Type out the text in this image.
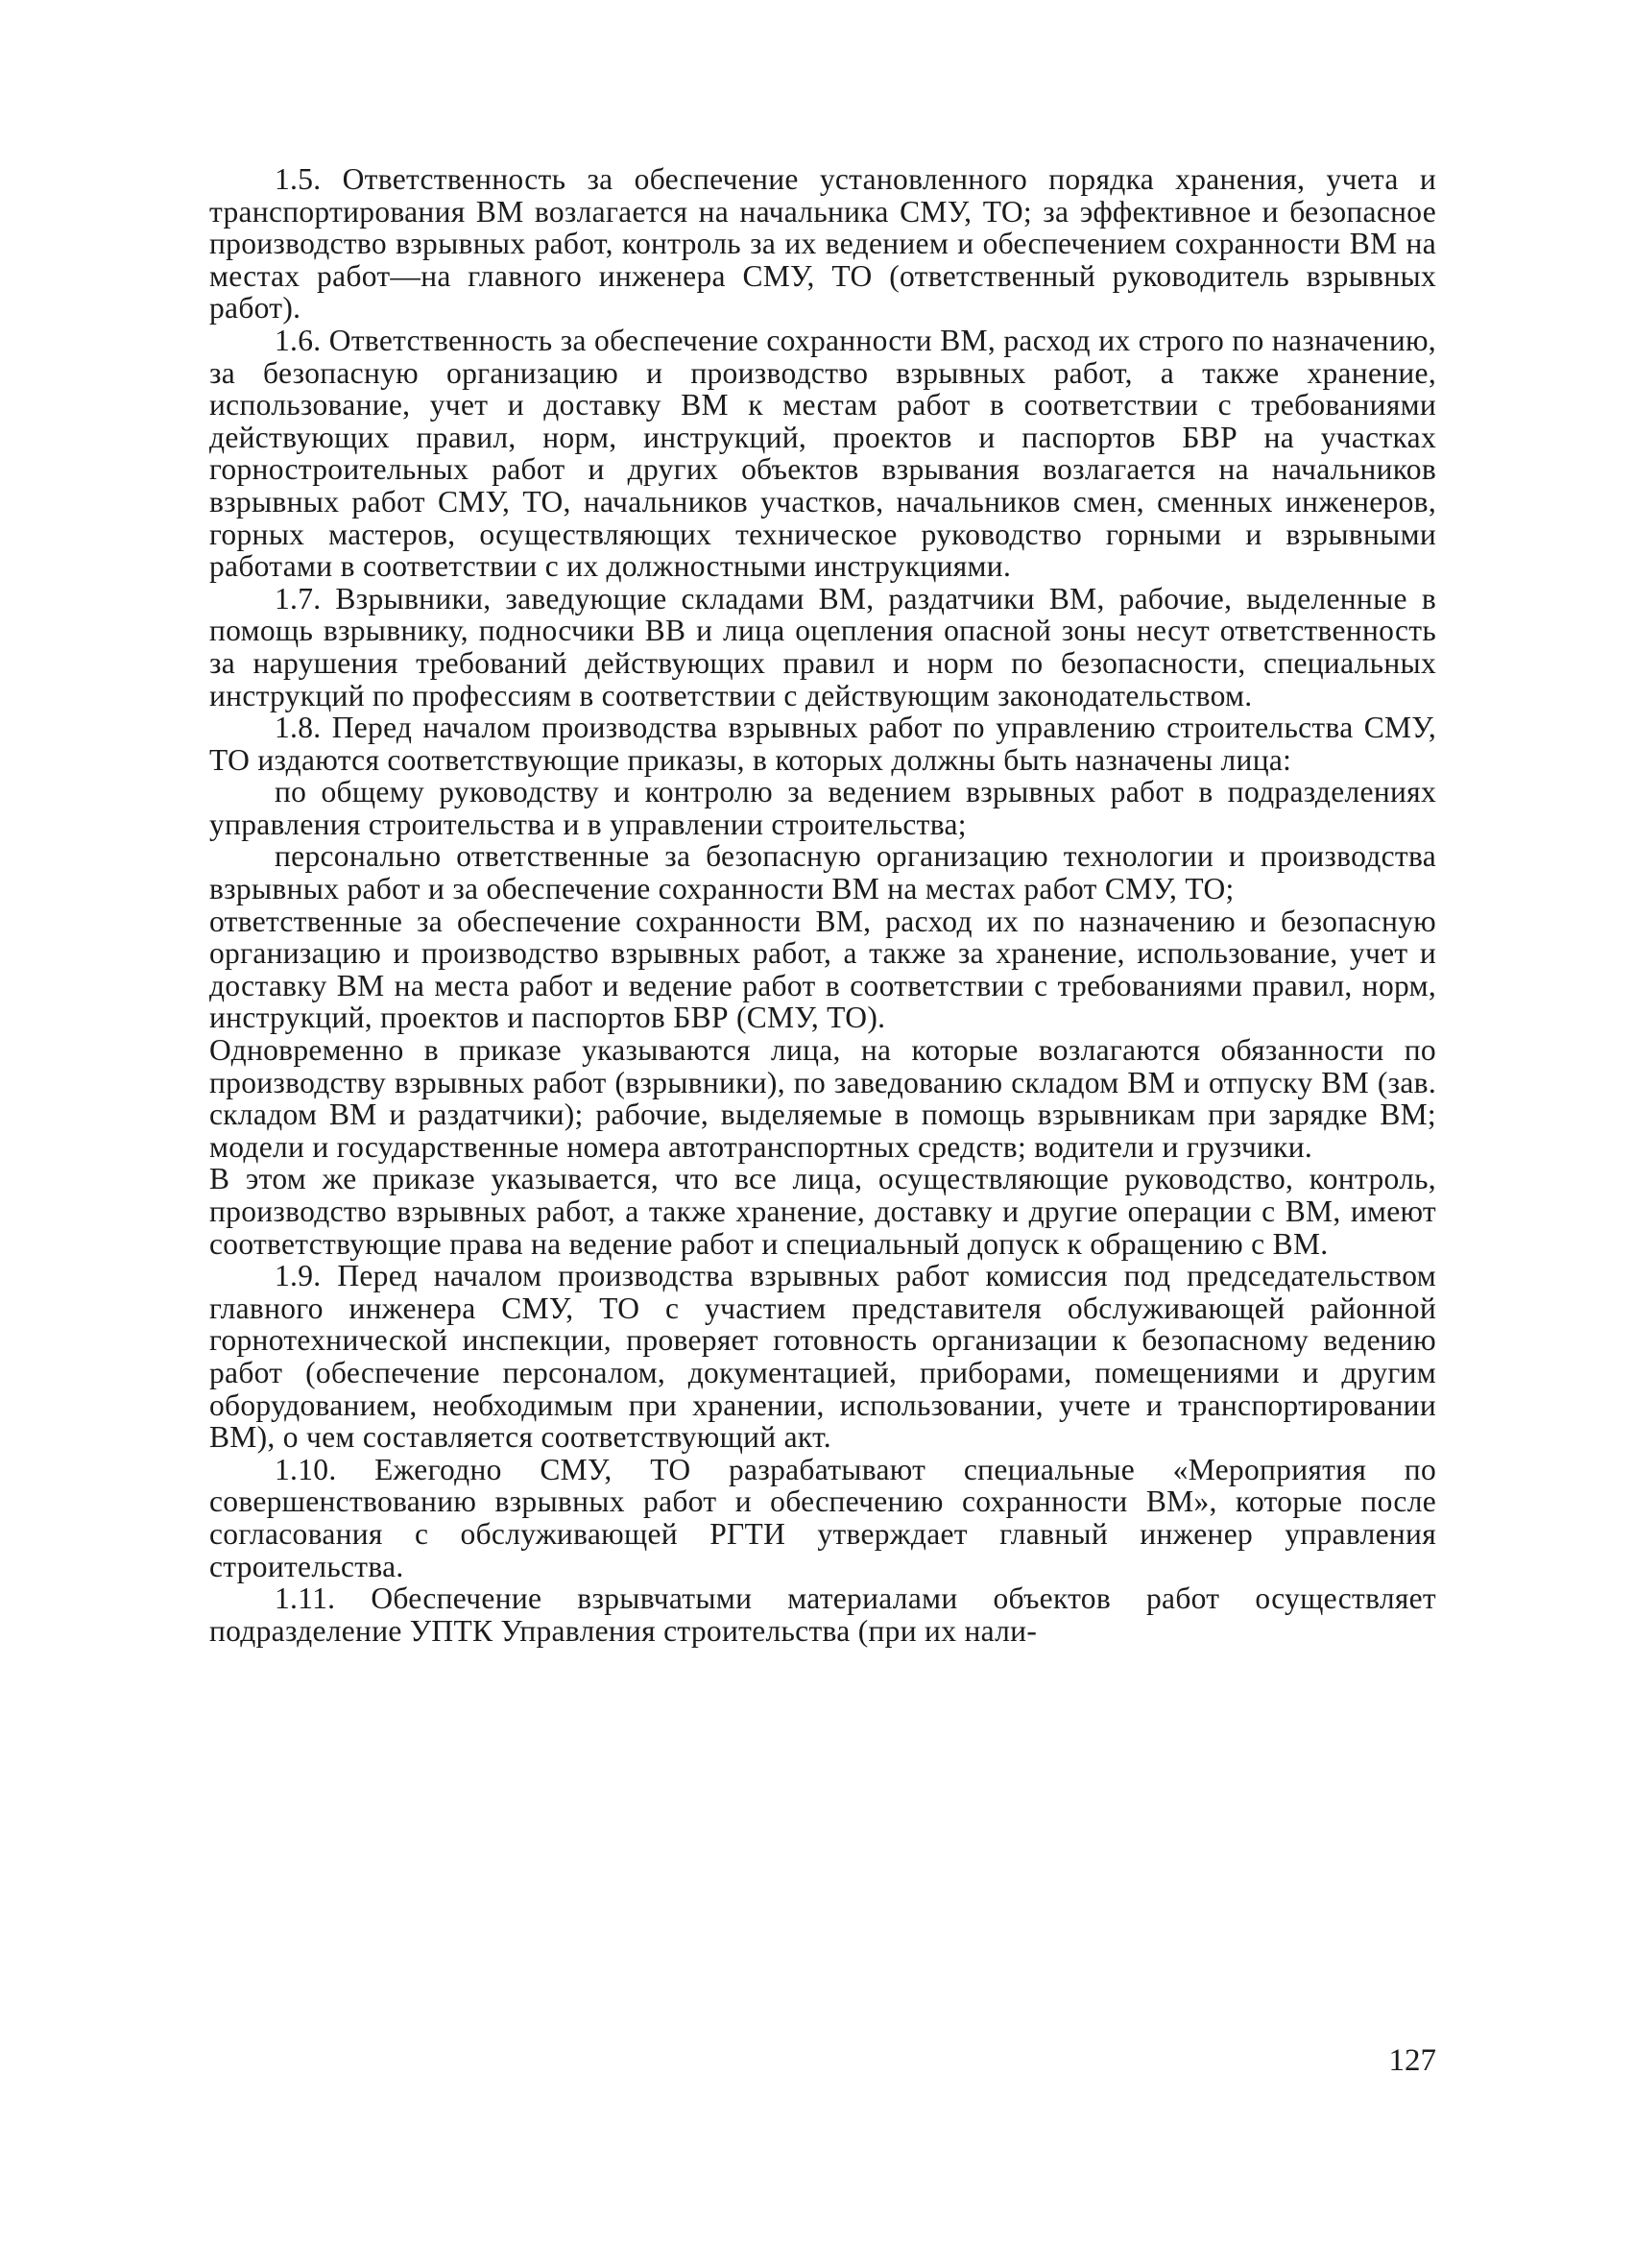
1.5. Ответственность за обеспечение установленного порядка хранения, учета и транспортирования ВМ возлагается на начальника СМУ, ТО; за эффективное и безопасное производство взрывных работ, контроль за их ведением и обеспечением сохранности ВМ на местах работ—на главного инженера СМУ, ТО (ответственный руководитель взрывных работ).

1.6. Ответственность за обеспечение сохранности ВМ, расход их строго по назначению, за безопасную организацию и производство взрывных работ, а также хранение, использование, учет и доставку ВМ к местам работ в соответствии с требованиями действующих правил, норм, инструкций, проектов и паспортов БВР на участках горностроительных работ и других объектов взрывания возлагается на начальников взрывных работ СМУ, ТО, начальников участков, начальников смен, сменных инженеров, горных мастеров, осуществляющих техническое руководство горными и взрывными работами в соответствии с их должностными инструкциями.

1.7. Взрывники, заведующие складами ВМ, раздатчики ВМ, рабочие, выделенные в помощь взрывнику, подносчики ВВ и лица оцепления опасной зоны несут ответственность за нарушения требований действующих правил и норм по безопасности, специальных инструкций по профессиям в соответствии с действующим законодательством.

1.8. Перед началом производства взрывных работ по управлению строительства СМУ, ТО издаются соответствующие приказы, в которых должны быть назначены лица:

по общему руководству и контролю за ведением взрывных работ в подразделениях управления строительства и в управлении строительства;

персонально ответственные за безопасную организацию технологии и производства взрывных работ и за обеспечение сохранности ВМ на местах работ СМУ, ТО;

ответственные за обеспечение сохранности ВМ, расход их по назначению и безопасную организацию и производство взрывных работ, а также за хранение, использование, учет и доставку ВМ на места работ и ведение работ в соответствии с требованиями правил, норм, инструкций, проектов и паспортов БВР (СМУ, ТО).

Одновременно в приказе указываются лица, на которые возлагаются обязанности по производству взрывных работ (взрывники), по заведованию складом ВМ и отпуску ВМ (зав. складом ВМ и раздатчики); рабочие, выделяемые в помощь взрывникам при зарядке ВМ; модели и государственные номера автотранспортных средств; водители и грузчики.

В этом же приказе указывается, что все лица, осуществляющие руководство, контроль, производство взрывных работ, а также хранение, доставку и другие операции с ВМ, имеют соответствующие права на ведение работ и специальный допуск к обращению с ВМ.

1.9. Перед началом производства взрывных работ комиссия под председательством главного инженера СМУ, ТО с участием представителя обслуживающей районной горнотехнической инспекции, проверяет готовность организации к безопасному ведению работ (обеспечение персоналом, документацией, приборами, помещениями и другим оборудованием, необходимым при хранении, использовании, учете и транспортировании ВМ), о чем составляется соответствующий акт.

1.10. Ежегодно СМУ, ТО разрабатывают специальные «Мероприятия по совершенствованию взрывных работ и обеспечению сохранности ВМ», которые после согласования с обслуживающей РГТИ утверждает главный инженер управления строительства.

1.11. Обеспечение взрывчатыми материалами объектов работ осуществляет подразделение УПТК Управления строительства (при их нали-

127
